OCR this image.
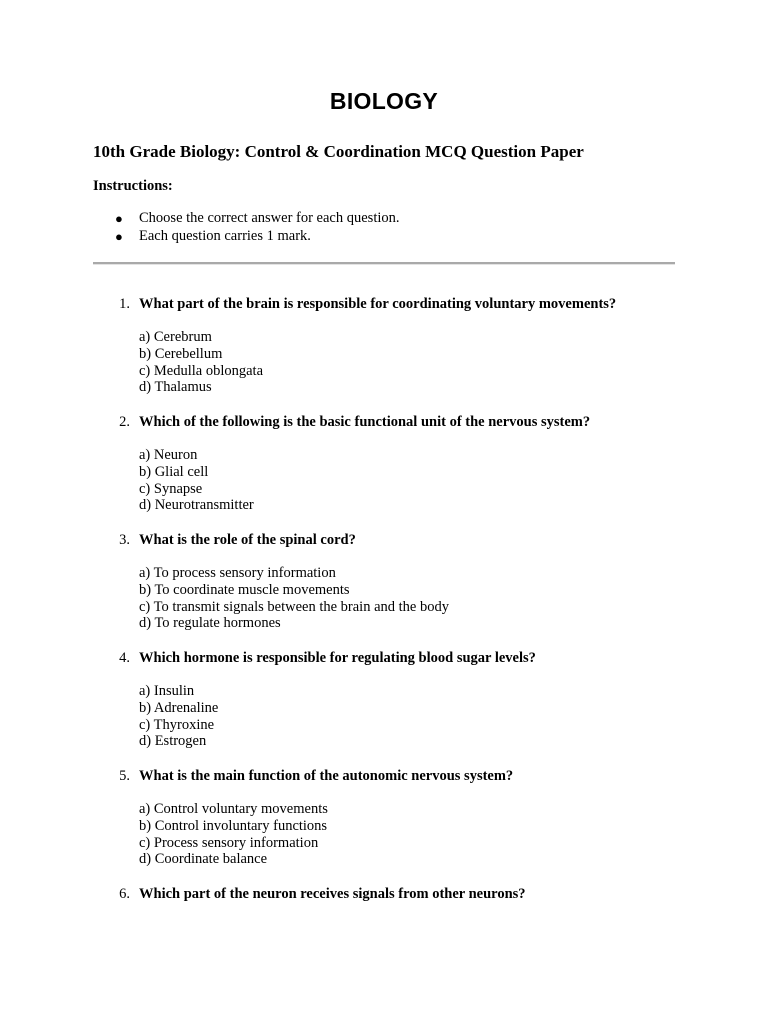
BIOLOGY
10th Grade Biology: Control & Coordination MCQ Question Paper
Instructions:
● Choose the correct answer for each question.
● Each question carries 1 mark.
1. What part of the brain is responsible for coordinating voluntary movements?
a) Cerebrum
b) Cerebellum
c) Medulla oblongata
d) Thalamus
2. Which of the following is the basic functional unit of the nervous system?
a) Neuron
b) Glial cell
c) Synapse
d) Neurotransmitter
3. What is the role of the spinal cord?
a) To process sensory information
b) To coordinate muscle movements
c) To transmit signals between the brain and the body
d) To regulate hormones
4. Which hormone is responsible for regulating blood sugar levels?
a) Insulin
b) Adrenaline
c) Thyroxine
d) Estrogen
5. What is the main function of the autonomic nervous system?
a) Control voluntary movements
b) Control involuntary functions
c) Process sensory information
d) Coordinate balance
6. Which part of the neuron receives signals from other neurons?
